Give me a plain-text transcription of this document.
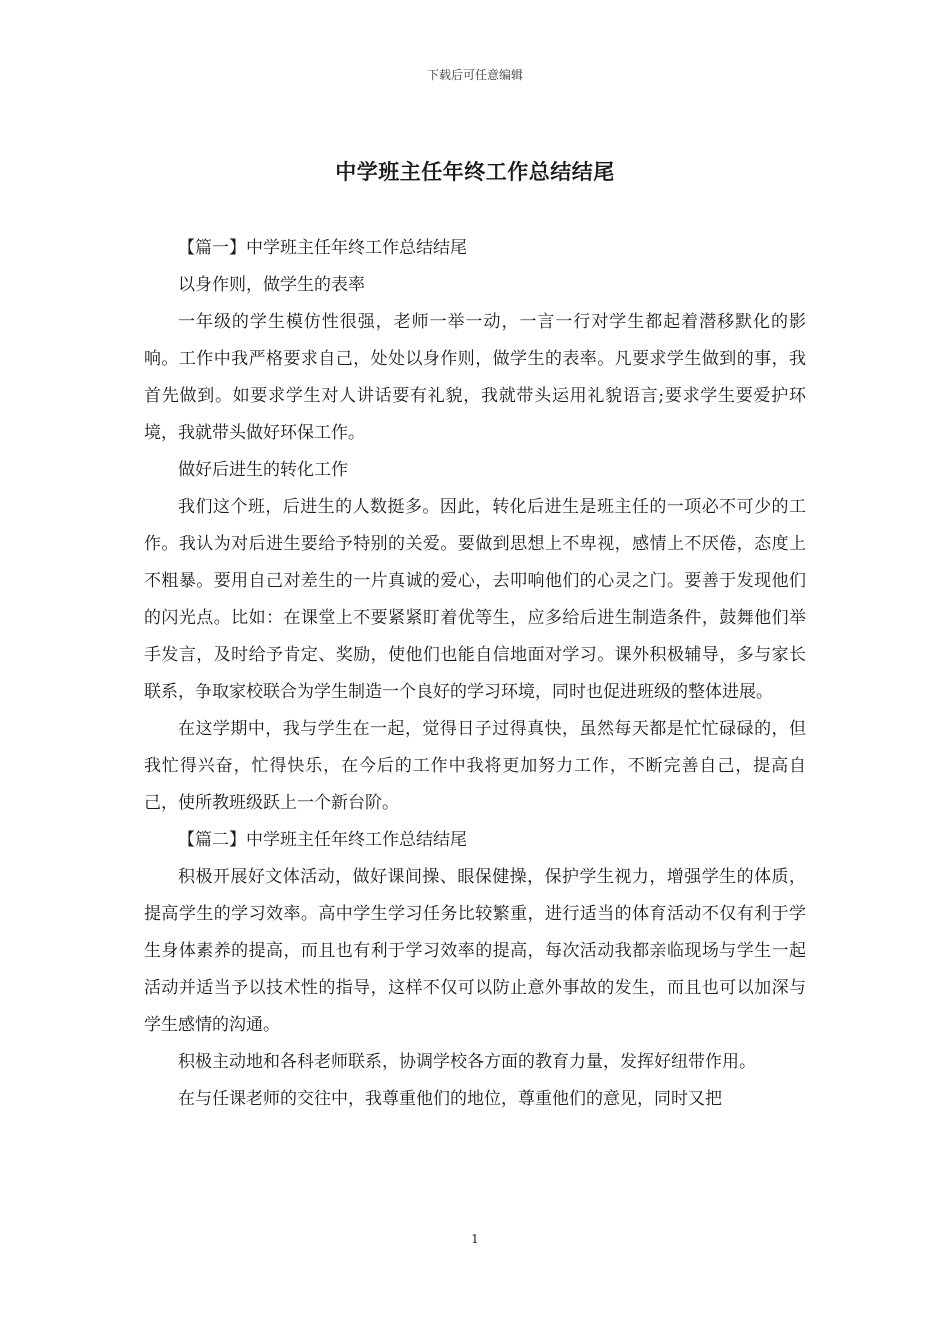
下载后可任意编辑
中学班主任年终工作总结结尾

【篇一】中学班主任年终工作总结结尾

以身作则，做学生的表率

一年级的学生模仿性很强，老师一举一动，一言一行对学生都起着潜移默化的影响。工作中我严格要求自己，处处以身作则，做学生的表率。凡要求学生做到的事，我首先做到。如要求学生对人讲话要有礼貌，我就带头运用礼貌语言;要求学生要爱护环境，我就带头做好环保工作。

做好后进生的转化工作

我们这个班，后进生的人数挺多。因此，转化后进生是班主任的一项必不可少的工作。我认为对后进生要给予特别的关爱。要做到思想上不卑视，感情上不厌倦，态度上不粗暴。要用自己对差生的一片真诚的爱心，去叩响他们的心灵之门。要善于发现他们的闪光点。比如：在课堂上不要紧紧盯着优等生，应多给后进生制造条件，鼓舞他们举手发言，及时给予肯定、奖励，使他们也能自信地面对学习。课外积极辅导，多与家长联系，争取家校联合为学生制造一个良好的学习环境，同时也促进班级的整体进展。

在这学期中，我与学生在一起，觉得日子过得真快，虽然每天都是忙忙碌碌的，但我忙得兴奋，忙得快乐，在今后的工作中我将更加努力工作，不断完善自己，提高自己，使所教班级跃上一个新台阶。

【篇二】中学班主任年终工作总结结尾

积极开展好文体活动，做好课间操、眼保健操，保护学生视力，增强学生的体质，提高学生的学习效率。高中学生学习任务比较繁重，进行适当的体育活动不仅有利于学生身体素养的提高，而且也有利于学习效率的提高，每次活动我都亲临现场与学生一起活动并适当予以技术性的指导，这样不仅可以防止意外事故的发生，而且也可以加深与学生感情的沟通。

积极主动地和各科老师联系，协调学校各方面的教育力量，发挥好纽带作用。

在与任课老师的交往中，我尊重他们的地位，尊重他们的意见，同时又把

1
